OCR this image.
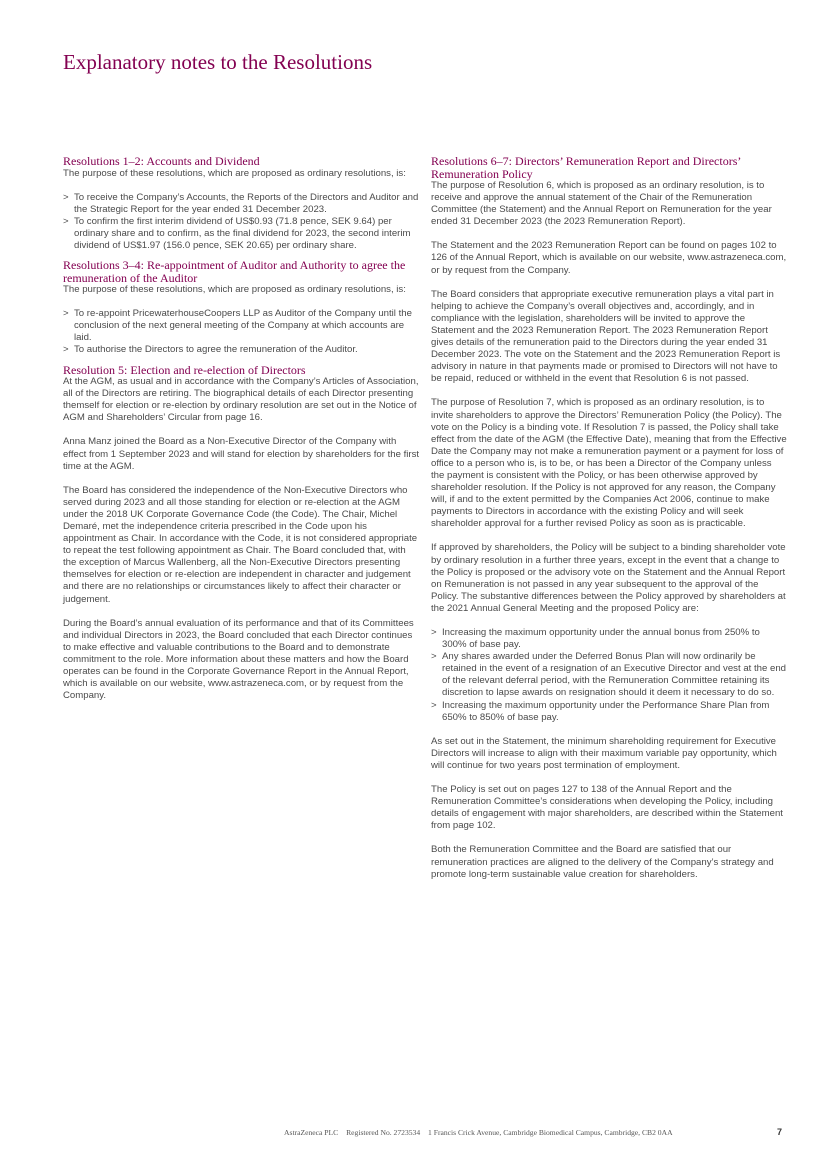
Explanatory notes to the Resolutions
Resolutions 1–2: Accounts and Dividend

The purpose of these resolutions, which are proposed as ordinary resolutions, is:

> To receive the Company’s Accounts, the Reports of the Directors and Auditor and the Strategic Report for the year ended 31 December 2023.
> To confirm the first interim dividend of US$0.93 (71.8 pence, SEK 9.64) per ordinary share and to confirm, as the final dividend for 2023, the second interim dividend of US$1.97 (156.0 pence, SEK 20.65) per ordinary share.
Resolutions 3–4: Re-appointment of Auditor and Authority to agree the remuneration of the Auditor

The purpose of these resolutions, which are proposed as ordinary resolutions, is:

> To re-appoint PricewaterhouseCoopers LLP as Auditor of the Company until the conclusion of the next general meeting of the Company at which accounts are laid.
> To authorise the Directors to agree the remuneration of the Auditor.
Resolution 5: Election and re-election of Directors

At the AGM, as usual and in accordance with the Company’s Articles of Association, all of the Directors are retiring. The biographical details of each Director presenting themself for election or re-election by ordinary resolution are set out in the Notice of AGM and Shareholders’ Circular from page 16.

Anna Manz joined the Board as a Non-Executive Director of the Company with effect from 1 September 2023 and will stand for election by shareholders for the first time at the AGM.

The Board has considered the independence of the Non-Executive Directors who served during 2023 and all those standing for election or re-election at the AGM under the 2018 UK Corporate Governance Code (the Code). The Chair, Michel Demaré, met the independence criteria prescribed in the Code upon his appointment as Chair. In accordance with the Code, it is not considered appropriate to repeat the test following appointment as Chair. The Board concluded that, with the exception of Marcus Wallenberg, all the Non-Executive Directors presenting themselves for election or re-election are independent in character and judgement and there are no relationships or circumstances likely to affect their character or judgement.

During the Board’s annual evaluation of its performance and that of its Committees and individual Directors in 2023, the Board concluded that each Director continues to make effective and valuable contributions to the Board and to demonstrate commitment to the role. More information about these matters and how the Board operates can be found in the Corporate Governance Report in the Annual Report, which is available on our website, www.astrazeneca.com, or by request from the Company.

Resolutions 6–7: Directors’ Remuneration Report and Directors’ Remuneration Policy

The purpose of Resolution 6, which is proposed as an ordinary resolution, is to receive and approve the annual statement of the Chair of the Remuneration Committee (the Statement) and the Annual Report on Remuneration for the year ended 31 December 2023 (the 2023 Remuneration Report).

The Statement and the 2023 Remuneration Report can be found on pages 102 to 126 of the Annual Report, which is available on our website, www.astrazeneca.com, or by request from the Company.

The Board considers that appropriate executive remuneration plays a vital part in helping to achieve the Company’s overall objectives and, accordingly, and in compliance with the legislation, shareholders will be invited to approve the Statement and the 2023 Remuneration Report. The 2023 Remuneration Report gives details of the remuneration paid to the Directors during the year ended 31 December 2023. The vote on the Statement and the 2023 Remuneration Report is advisory in nature in that payments made or promised to Directors will not have to be repaid, reduced or withheld in the event that Resolution 6 is not passed.

The purpose of Resolution 7, which is proposed as an ordinary resolution, is to invite shareholders to approve the Directors’ Remuneration Policy (the Policy). The vote on the Policy is a binding vote. If Resolution 7 is passed, the Policy shall take effect from the date of the AGM (the Effective Date), meaning that from the Effective Date the Company may not make a remuneration payment or a payment for loss of office to a person who is, is to be, or has been a Director of the Company unless the payment is consistent with the Policy, or has been otherwise approved by shareholder resolution. If the Policy is not approved for any reason, the Company will, if and to the extent permitted by the Companies Act 2006, continue to make payments to Directors in accordance with the existing Policy and will seek shareholder approval for a further revised Policy as soon as is practicable.

If approved by shareholders, the Policy will be subject to a binding shareholder vote by ordinary resolution in a further three years, except in the event that a change to the Policy is proposed or the advisory vote on the Statement and the Annual Report on Remuneration is not passed in any year subsequent to the approval of the Policy. The substantive differences between the Policy approved by shareholders at the 2021 Annual General Meeting and the proposed Policy are:

> Increasing the maximum opportunity under the annual bonus from 250% to 300% of base pay.
> Any shares awarded under the Deferred Bonus Plan will now ordinarily be retained in the event of a resignation of an Executive Director and vest at the end of the relevant deferral period, with the Remuneration Committee retaining its discretion to lapse awards on resignation should it deem it necessary to do so.
> Increasing the maximum opportunity under the Performance Share Plan from 650% to 850% of base pay.

As set out in the Statement, the minimum shareholding requirement for Executive Directors will increase to align with their maximum variable pay opportunity, which will continue for two years post termination of employment.

The Policy is set out on pages 127 to 138 of the Annual Report and the Remuneration Committee’s considerations when developing the Policy, including details of engagement with major shareholders, are described within the Statement from page 102.

Both the Remuneration Committee and the Board are satisfied that our remuneration practices are aligned to the delivery of the Company’s strategy and promote long-term sustainable value creation for shareholders.

AstraZeneca PLC Registered No. 2723534 1 Francis Crick Avenue, Cambridge Biomedical Campus, Cambridge, CB2 0AA	7
